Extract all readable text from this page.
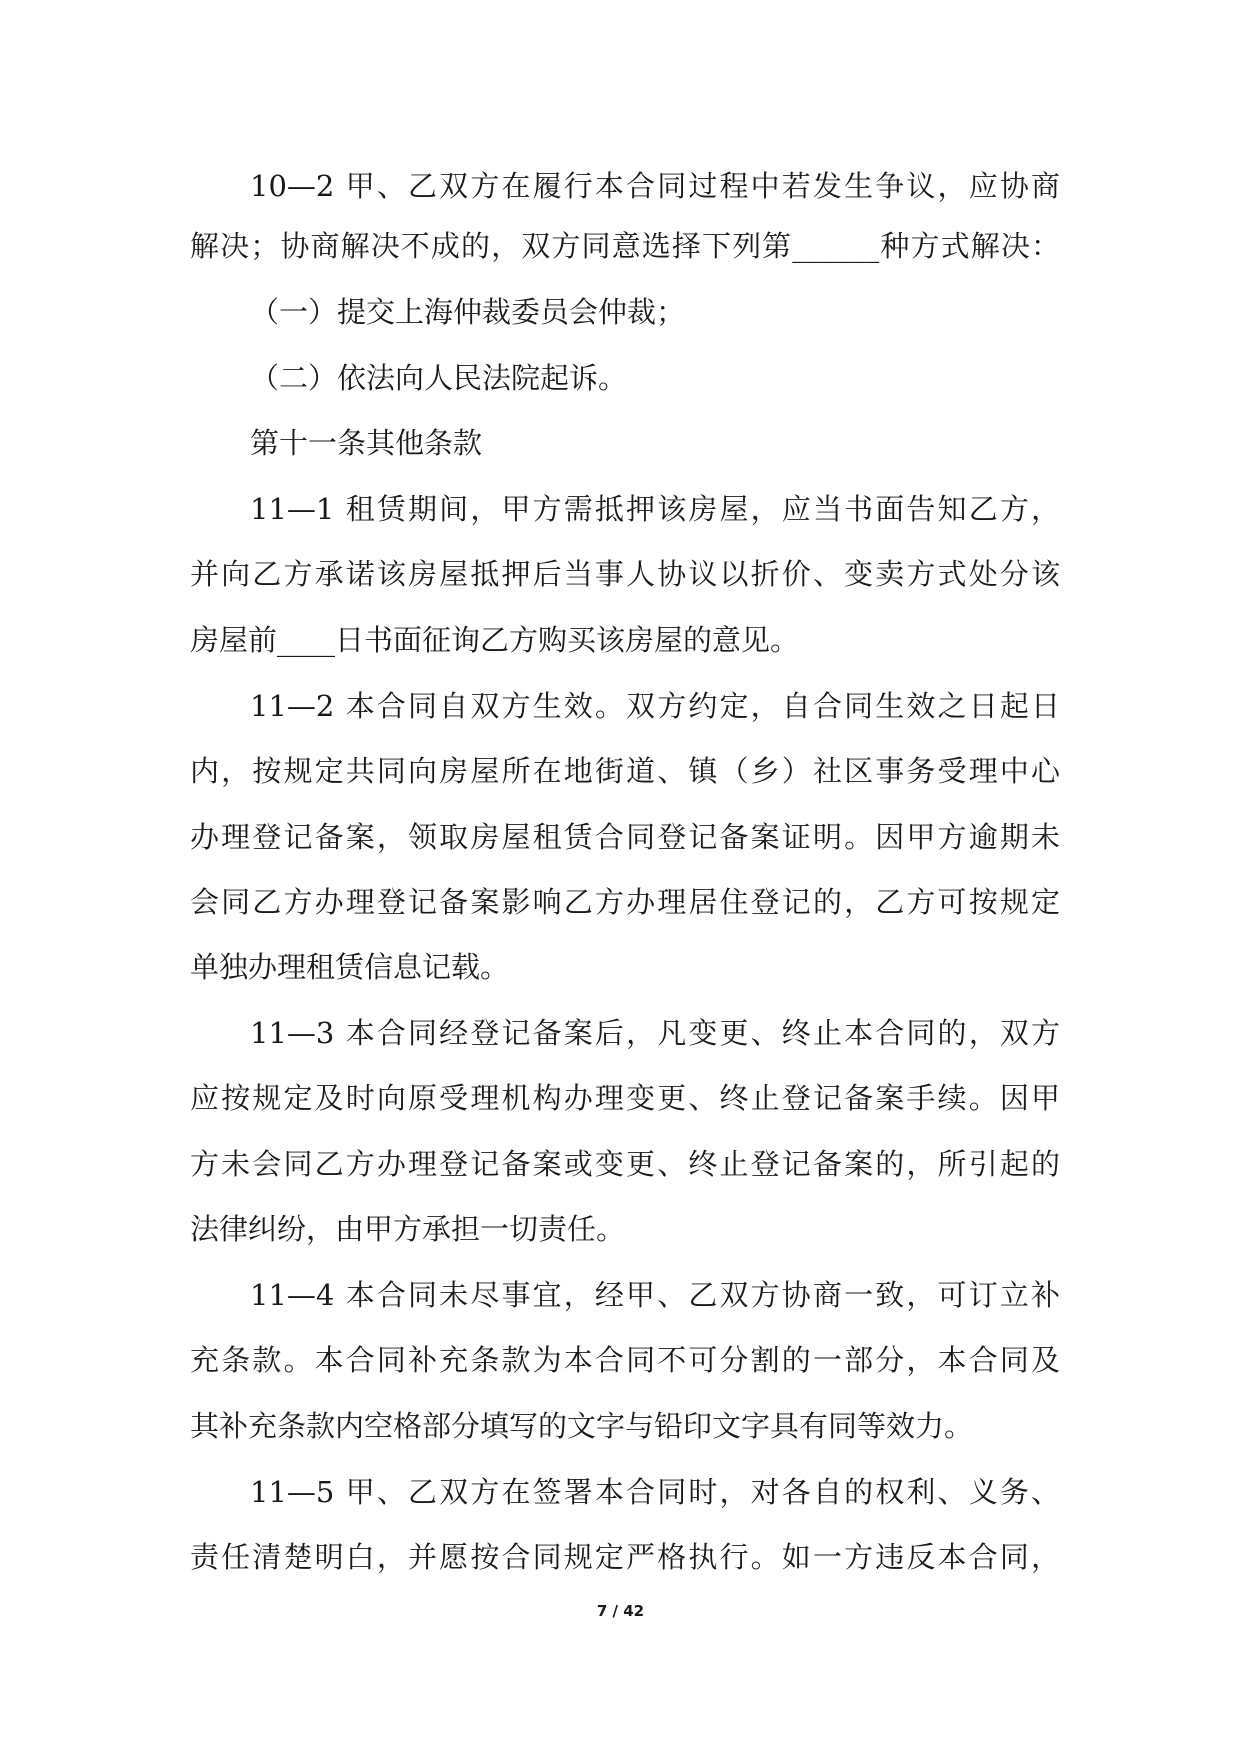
10—2 甲、乙双方在履行本合同过程中若发生争议，应协商
解决；协商解决不成的，双方同意选择下列第______种方式解决：
（一）提交上海仲裁委员会仲裁；
（二）依法向人民法院起诉。
第十一条其他条款
11—1 租赁期间，甲方需抵押该房屋，应当书面告知乙方，
并向乙方承诺该房屋抵押后当事人协议以折价、变卖方式处分该
房屋前____日书面征询乙方购买该房屋的意见。
11—2 本合同自双方生效。双方约定，自合同生效之日起日
内，按规定共同向房屋所在地街道、镇（乡）社区事务受理中心
办理登记备案，领取房屋租赁合同登记备案证明。因甲方逾期未
会同乙方办理登记备案影响乙方办理居住登记的，乙方可按规定
单独办理租赁信息记载。
11—3 本合同经登记备案后，凡变更、终止本合同的，双方
应按规定及时向原受理机构办理变更、终止登记备案手续。因甲
方未会同乙方办理登记备案或变更、终止登记备案的，所引起的
法律纠纷，由甲方承担一切责任。
11—4 本合同未尽事宜，经甲、乙双方协商一致，可订立补
充条款。本合同补充条款为本合同不可分割的一部分，本合同及
其补充条款内空格部分填写的文字与铅印文字具有同等效力。
11—5 甲、乙双方在签署本合同时，对各自的权利、义务、
责任清楚明白，并愿按合同规定严格执行。如一方违反本合同，
7 / 42
